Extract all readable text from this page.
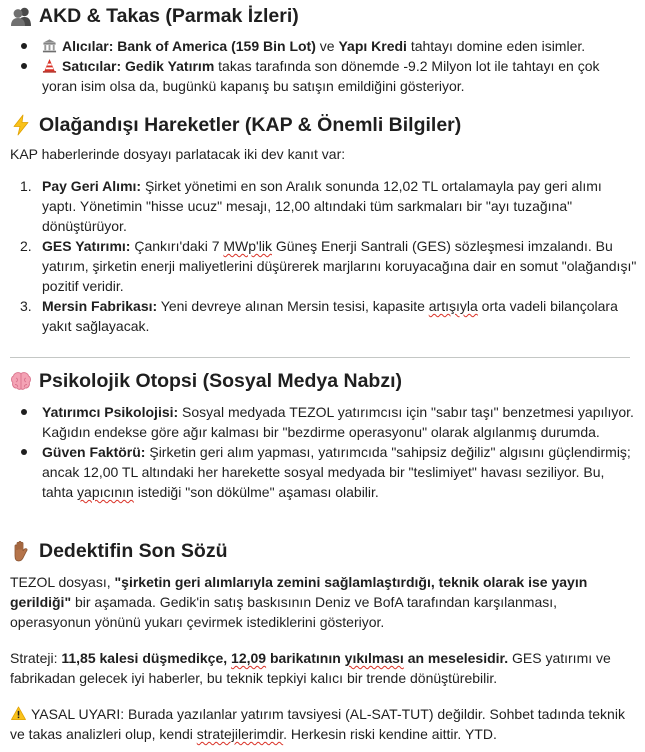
AKD & Takas (Parmak İzleri)
Alıcılar: Bank of America (159 Bin Lot) ve Yapı Kredi tahtayı domine eden isimler.
Satıcılar: Gedik Yatırım takas tarafında son dönemde -9.2 Milyon lot ile tahtayı en çok yoran isim olsa da, bugünkü kapanış bu satışın emildiğini gösteriyor.
Olağandışı Hareketler (KAP & Önemli Bilgiler)

KAP haberlerinde dosyayı parlatacak iki dev kanıt var:

1. Pay Geri Alımı: Şirket yönetimi en son Aralık sonunda 12,02 TL ortalamayla pay geri alımı yaptı. Yönetimin "hisse ucuz" mesajı, 12,00 altındaki tüm sarkmaları bir "ayı tuzağına" dönüştürüyor.
2. GES Yatırımı: Çankırı'daki 7 MWp'lik Güneş Enerji Santrali (GES) sözleşmesi imzalandı. Bu yatırım, şirketin enerji maliyetlerini düşürerek marjlarını koruyacağına dair en somut "olağandışı" pozitif veridir.
3. Mersin Fabrikası: Yeni devreye alınan Mersin tesisi, kapasite artışıyla orta vadeli bilançolara yakıt sağlayacak.
Psikolojik Otopsi (Sosyal Medya Nabzı)
Yatırımcı Psikolojisi: Sosyal medyada TEZOL yatırımcısı için "sabır taşı" benzetmesi yapılıyor. Kağıdın endekse göre ağır kalması bir "bezdirme operasyonu" olarak algılanmış durumda.
Güven Faktörü: Şirketin geri alım yapması, yatırımcıda "sahipsiz değiliz" algısını güçlendirmiş; ancak 12,00 TL altındaki her harekette sosyal medyada bir "teslimiyet" havası seziliyor. Bu, tahta yapıcının istediği "son dökülme" aşaması olabilir.
Dedektifin Son Sözü

TEZOL dosyası, "şirketin geri alımlarıyla zemini sağlamlaştırdığı, teknik olarak ise yayın gerildiği" bir aşamada. Gedik'in satış baskısının Deniz ve BofA tarafından karşılanması, operasyonun yönünü yukarı çevirmek istediklerini gösteriyor.

Strateji: 11,85 kalesi düşmedikçe, 12,09 barikatının yıkılması an meselesidir. GES yatırımı ve fabrikadan gelecek iyi haberler, bu teknik tepkiyi kalıcı bir trende dönüştürebilir.

YASAL UYARI: Burada yazılanlar yatırım tavsiyesi (AL-SAT-TUT) değildir. Sohbet tadında teknik ve takas analizleri olup, kendi stratejilerimdir. Herkesin riski kendine aittir. YTD.
